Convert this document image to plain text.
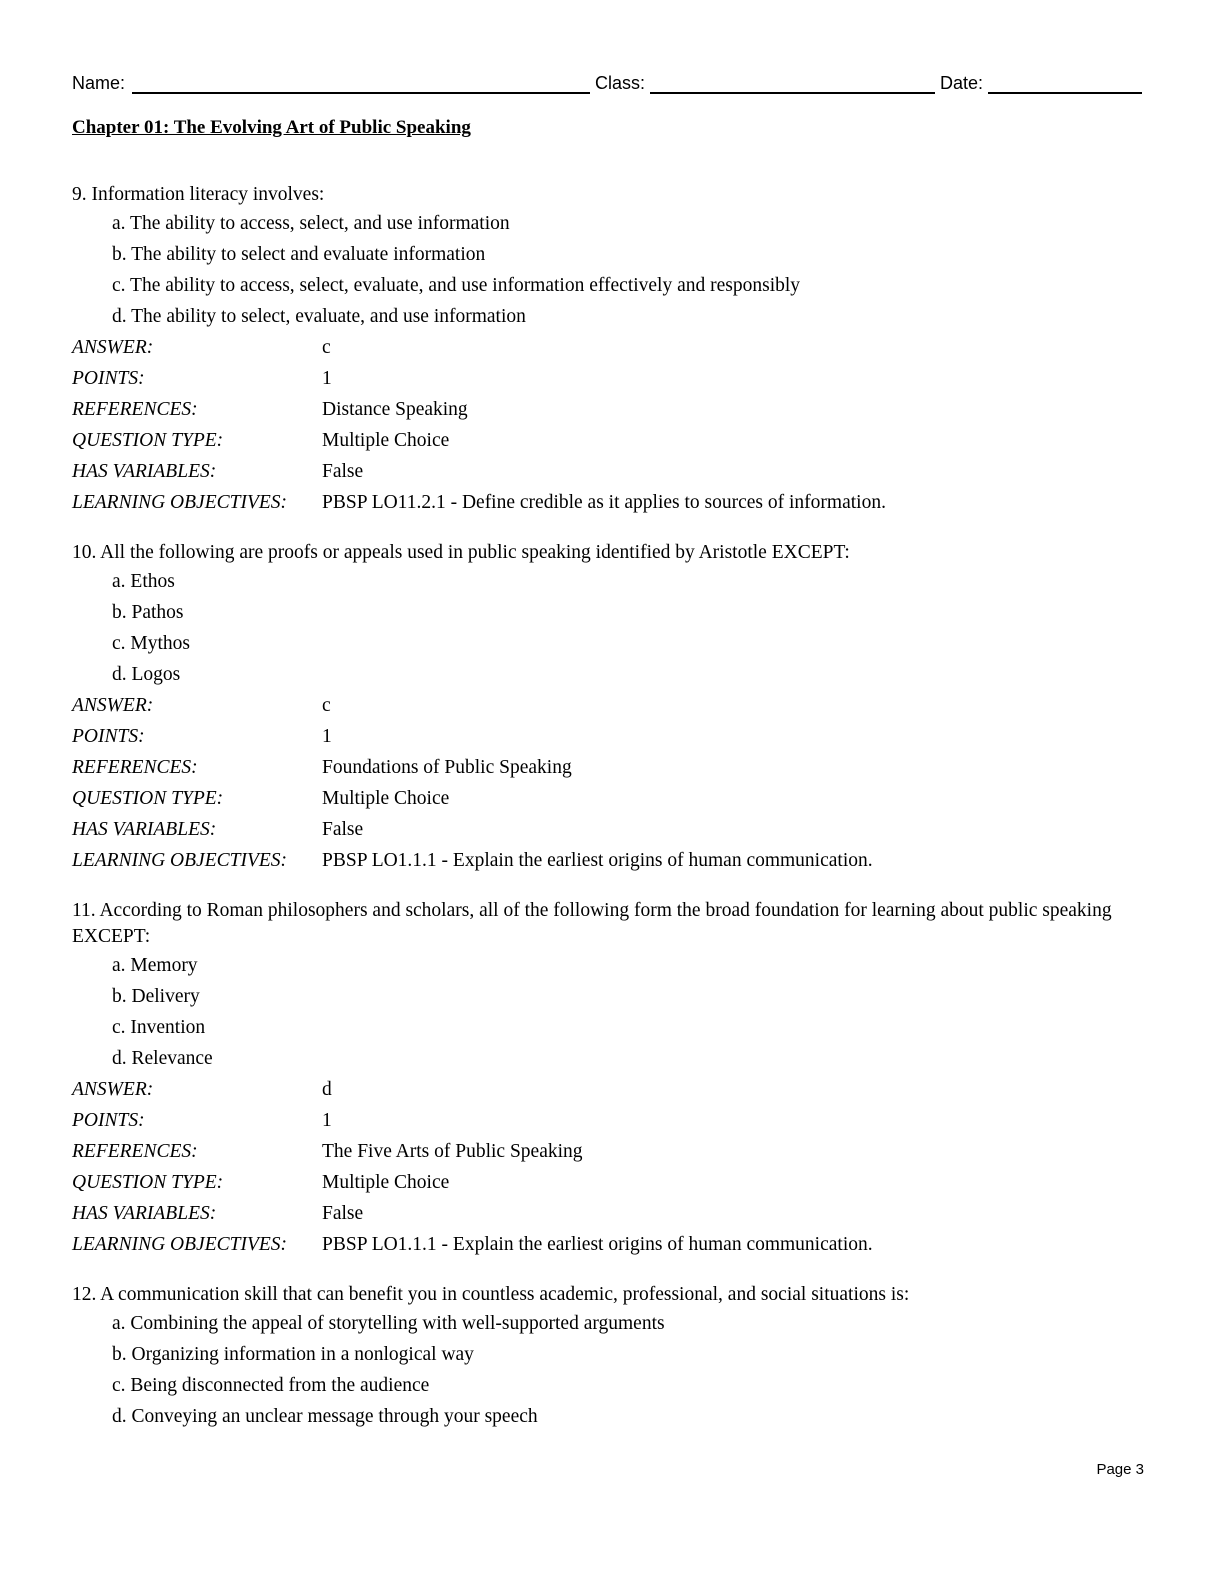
Name:	Class:	Date:
Chapter 01: The Evolving Art of Public Speaking
9. Information literacy involves:
a. The ability to access, select, and use information
b. The ability to select and evaluate information
c. The ability to access, select, evaluate, and use information effectively and responsibly
d. The ability to select, evaluate, and use information
ANSWER:	c
POINTS:	1
REFERENCES:	Distance Speaking
QUESTION TYPE:	Multiple Choice
HAS VARIABLES:	False
LEARNING OBJECTIVES:	PBSP LO11.2.1 - Define credible as it applies to sources of information.
10. All the following are proofs or appeals used in public speaking identified by Aristotle EXCEPT:
a. Ethos
b. Pathos
c. Mythos
d. Logos
ANSWER:	c
POINTS:	1
REFERENCES:	Foundations of Public Speaking
QUESTION TYPE:	Multiple Choice
HAS VARIABLES:	False
LEARNING OBJECTIVES:	PBSP LO1.1.1 - Explain the earliest origins of human communication.
11. According to Roman philosophers and scholars, all of the following form the broad foundation for learning about public speaking EXCEPT:
a. Memory
b. Delivery
c. Invention
d. Relevance
ANSWER:	d
POINTS:	1
REFERENCES:	The Five Arts of Public Speaking
QUESTION TYPE:	Multiple Choice
HAS VARIABLES:	False
LEARNING OBJECTIVES:	PBSP LO1.1.1 - Explain the earliest origins of human communication.
12. A communication skill that can benefit you in countless academic, professional, and social situations is:
a. Combining the appeal of storytelling with well-supported arguments
b. Organizing information in a nonlogical way
c. Being disconnected from the audience
d. Conveying an unclear message through your speech
Page 3
